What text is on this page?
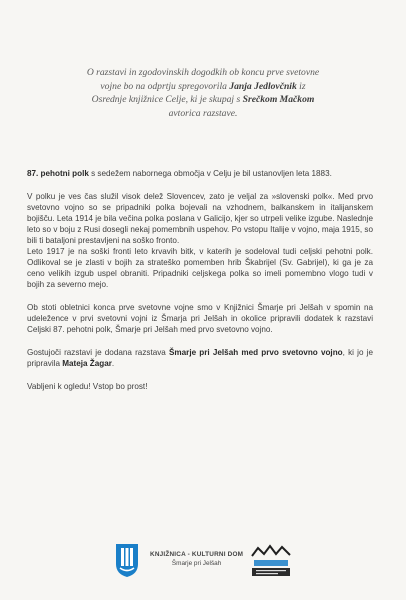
O razstavi in zgodovinskih dogodkih ob koncu prve svetovne
vojne bo na odprtju spregovorila Janja Jedlovčnik iz
Osrednje knjižnice Celje, ki je skupaj s Srečkom Mačkom
avtorica razstave.

87. pehotni polk s sedežem nabornega območja v Celju je bil ustanovljen leta 1883.

V polku je ves čas služil visok delež Slovencev, zato je veljal za »slovenski polk«. Med prvo svetovno vojno so se pripadniki polka bojevali na vzhodnem, balkanskem in italijanskem bojišču. Leta 1914 je bila večina polka poslana v Galicijo, kjer so utrpeli velike izgube. Naslednje leto so v boju z Rusi dosegli nekaj pomembnih uspehov. Po vstopu Italije v vojno, maja 1915, so bili ti bataljoni prestavljeni na soško fronto.

Leto 1917 je na soški fronti leto krvavih bitk, v katerih je sodeloval tudi celjski pehotni polk. Odlikoval se je zlasti v bojih za strateško pomemben hrib Škabrijel (Sv. Gabrijel), ki ga je za ceno velikih izgub uspel obraniti. Pripadniki celjskega polka so imeli pomembno vlogo tudi v bojih za severno mejo.

Ob stoti obletnici konca prve svetovne vojne smo v Knjižnici Šmarje pri Jelšah v spomin na udeležence v prvi svetovni vojni iz Šmarja pri Jelšah in okolice pripravili dodatek k razstavi Celjski 87. pehotni polk, Šmarje pri Jelšah med prvo svetovno vojno.

Gostujoči razstavi je dodana razstava Šmarje pri Jelšah med prvo svetovno vojno, ki jo je pripravila Mateja Žagar.

Vabljeni k ogledu! Vstop bo prost!

KNJIŽNICA - KULTURNI DOM
Šmarje pri Jelšah
